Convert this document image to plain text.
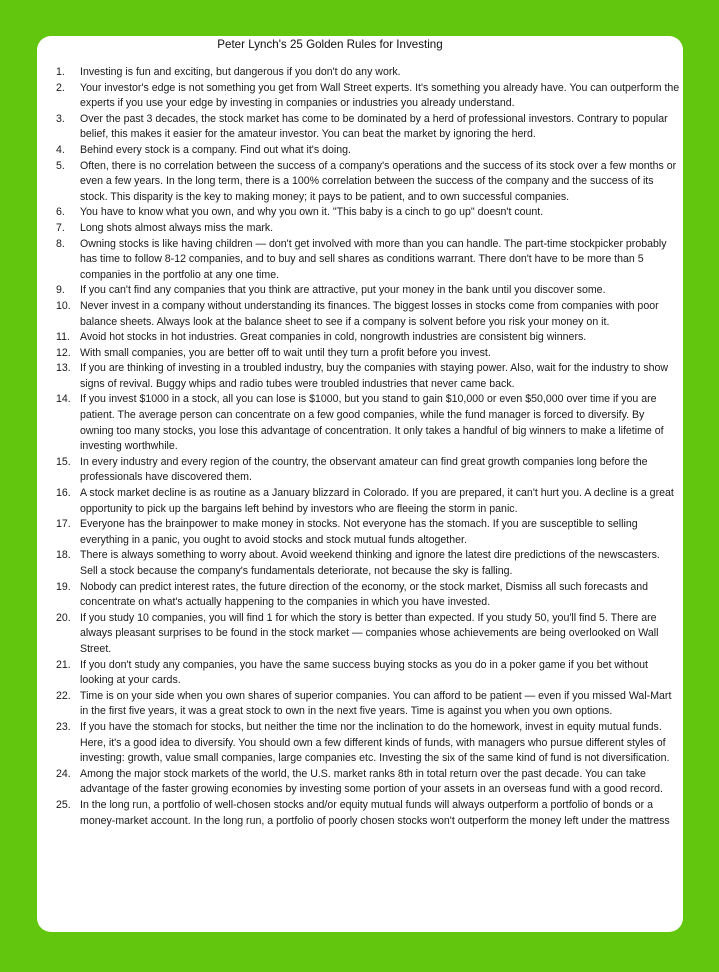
Peter Lynch's 25 Golden Rules for Investing
1. Investing is fun and exciting, but dangerous if you don't do any work.
2. Your investor's edge is not something you get from Wall Street experts. It's something you already have. You can outperform the experts if you use your edge by investing in companies or industries you already understand.
3. Over the past 3 decades, the stock market has come to be dominated by a herd of professional investors. Contrary to popular belief, this makes it easier for the amateur investor. You can beat the market by ignoring the herd.
4. Behind every stock is a company. Find out what it's doing.
5. Often, there is no correlation between the success of a company's operations and the success of its stock over a few months or even a few years. In the long term, there is a 100% correlation between the success of the company and the success of its stock. This disparity is the key to making money; it pays to be patient, and to own successful companies.
6. You have to know what you own, and why you own it. "This baby is a cinch to go up" doesn't count.
7. Long shots almost always miss the mark.
8. Owning stocks is like having children — don't get involved with more than you can handle. The part-time stockpicker probably has time to follow 8-12 companies, and to buy and sell shares as conditions warrant. There don't have to be more than 5 companies in the portfolio at any one time.
9. If you can't find any companies that you think are attractive, put your money in the bank until you discover some.
10. Never invest in a company without understanding its finances. The biggest losses in stocks come from companies with poor balance sheets. Always look at the balance sheet to see if a company is solvent before you risk your money on it.
11. Avoid hot stocks in hot industries. Great companies in cold, nongrowth industries are consistent big winners.
12. With small companies, you are better off to wait until they turn a profit before you invest.
13. If you are thinking of investing in a troubled industry, buy the companies with staying power. Also, wait for the industry to show signs of revival. Buggy whips and radio tubes were troubled industries that never came back.
14. If you invest $1000 in a stock, all you can lose is $1000, but you stand to gain $10,000 or even $50,000 over time if you are patient. The average person can concentrate on a few good companies, while the fund manager is forced to diversify. By owning too many stocks, you lose this advantage of concentration. It only takes a handful of big winners to make a lifetime of investing worthwhile.
15. In every industry and every region of the country, the observant amateur can find great growth companies long before the professionals have discovered them.
16. A stock market decline is as routine as a January blizzard in Colorado. If you are prepared, it can't hurt you. A decline is a great opportunity to pick up the bargains left behind by investors who are fleeing the storm in panic.
17. Everyone has the brainpower to make money in stocks. Not everyone has the stomach. If you are susceptible to selling everything in a panic, you ought to avoid stocks and stock mutual funds altogether.
18. There is always something to worry about. Avoid weekend thinking and ignore the latest dire predictions of the newscasters. Sell a stock because the company's fundamentals deteriorate, not because the sky is falling.
19. Nobody can predict interest rates, the future direction of the economy, or the stock market, Dismiss all such forecasts and concentrate on what's actually happening to the companies in which you have invested.
20. If you study 10 companies, you will find 1 for which the story is better than expected. If you study 50, you'll find 5. There are always pleasant surprises to be found in the stock market — companies whose achievements are being overlooked on Wall Street.
21. If you don't study any companies, you have the same success buying stocks as you do in a poker game if you bet without looking at your cards.
22. Time is on your side when you own shares of superior companies. You can afford to be patient — even if you missed Wal-Mart in the first five years, it was a great stock to own in the next five years. Time is against you when you own options.
23. If you have the stomach for stocks, but neither the time nor the inclination to do the homework, invest in equity mutual funds. Here, it's a good idea to diversify. You should own a few different kinds of funds, with managers who pursue different styles of investing: growth, value small companies, large companies etc. Investing the six of the same kind of fund is not diversification.
24. Among the major stock markets of the world, the U.S. market ranks 8th in total return over the past decade. You can take advantage of the faster growing economies by investing some portion of your assets in an overseas fund with a good record.
25. In the long run, a portfolio of well-chosen stocks and/or equity mutual funds will always outperform a portfolio of bonds or a money-market account. In the long run, a portfolio of poorly chosen stocks won't outperform the money left under the mattress
